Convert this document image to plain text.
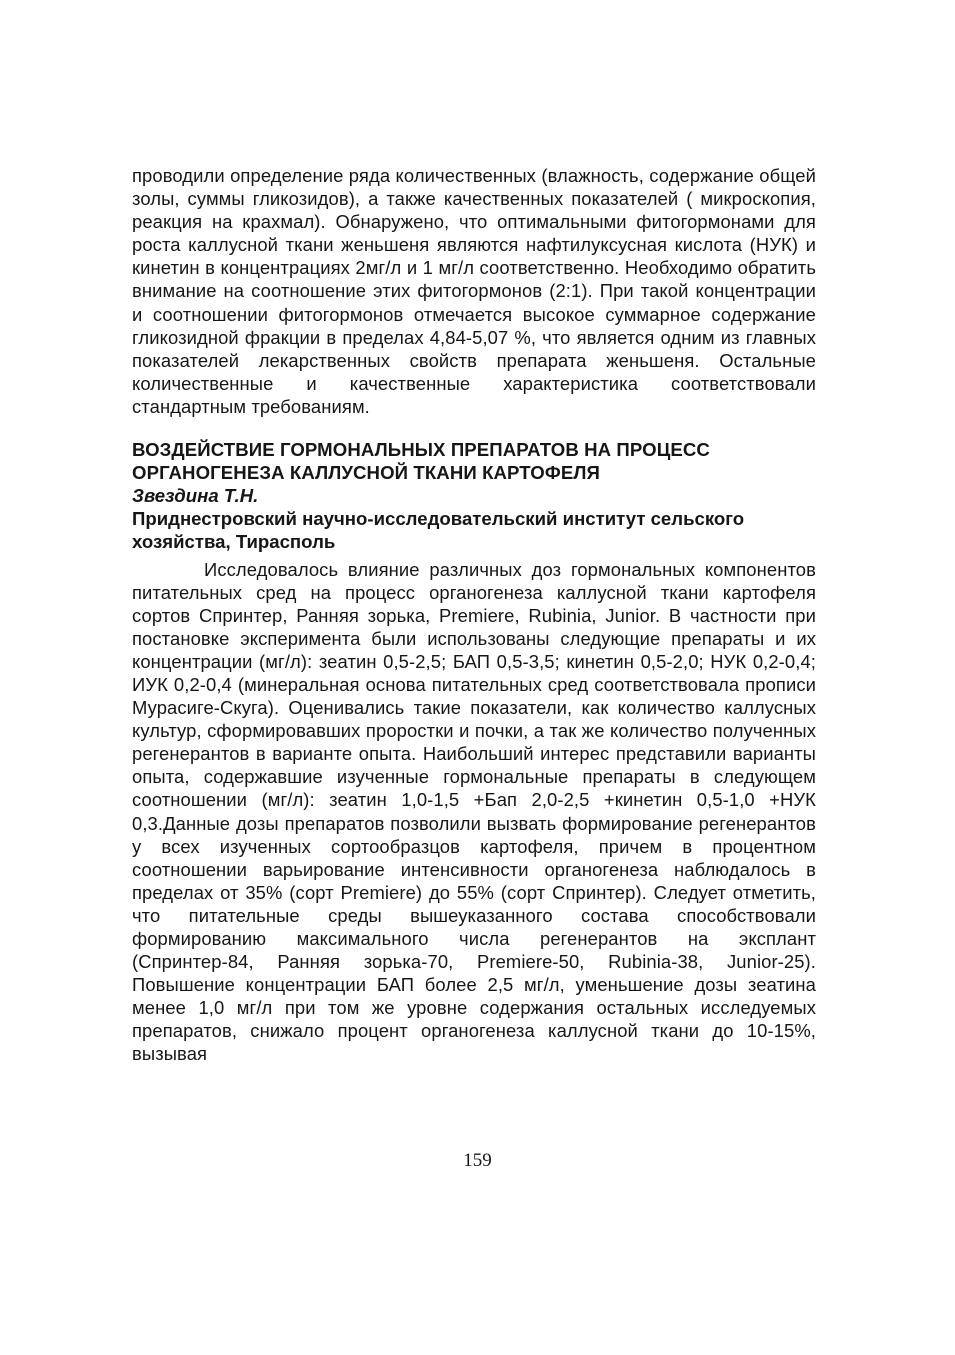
проводили определение ряда количественных (влажность, содержание общей золы, суммы гликозидов), а также качественных показателей ( микроскопия, реакция на крахмал). Обнаружено, что оптимальными фитогормонами для роста каллусной ткани женьшеня являются нафтилуксусная кислота (НУК) и кинетин в концентрациях 2мг/л и 1 мг/л соответственно. Необходимо обратить внимание на соотношение этих фитогормонов (2:1). При такой концентрации и соотношении фитогормонов отмечается высокое суммарное содержание гликозидной фракции в пределах 4,84-5,07 %, что является одним из главных показателей лекарственных свойств препарата женьшеня. Остальные количественные и качественные характеристика соответствовали стандартным требованиям.

ВОЗДЕЙСТВИЕ ГОРМОНАЛЬНЫХ ПРЕПАРАТОВ НА ПРОЦЕСС ОРГАНОГЕНЕЗА КАЛЛУСНОЙ ТКАНИ КАРТОФЕЛЯ

Звездина Т.Н.

Приднестровский научно-исследовательский институт сельского хозяйства, Тирасполь

Исследовалось влияние различных доз гормональных компонентов питательных сред на процесс органогенеза каллусной ткани картофеля сортов Спринтер, Ранняя зорька, Premiere, Rubinia, Junior. В частности при постановке эксперимента были использованы следующие препараты и их концентрации (мг/л): зеатин 0,5-2,5; БАП 0,5-3,5; кинетин 0,5-2,0; НУК 0,2-0,4; ИУК 0,2-0,4 (минеральная основа питательных сред соответствовала прописи Мурасиге-Скуга). Оценивались такие показатели, как количество каллусных культур, сформировавших проростки и почки, а так же количество полученных регенерантов в варианте опыта. Наибольший интерес представили варианты опыта, содержавшие изученные гормональные препараты в следующем соотношении (мг/л): зеатин 1,0-1,5 +Бап 2,0-2,5 +кинетин 0,5-1,0 +НУК 0,3.Данные дозы препаратов позволили вызвать формирование регенерантов у всех изученных сортообразцов картофеля, причем в процентном соотношении варьирование интенсивности органогенеза наблюдалось в пределах от 35% (сорт Premiere) до 55% (сорт Спринтер). Следует отметить, что питательные среды вышеуказанного состава способствовали формированию максимального числа регенерантов на эксплант (Спринтер-84, Ранняя зорька-70, Premiere-50, Rubinia-38, Junior-25). Повышение концентрации БАП более 2,5 мг/л, уменьшение дозы зеатина менее 1,0 мг/л при том же уровне содержания остальных исследуемых препаратов, снижало процент органогенеза каллусной ткани до 10-15%, вызывая

159
